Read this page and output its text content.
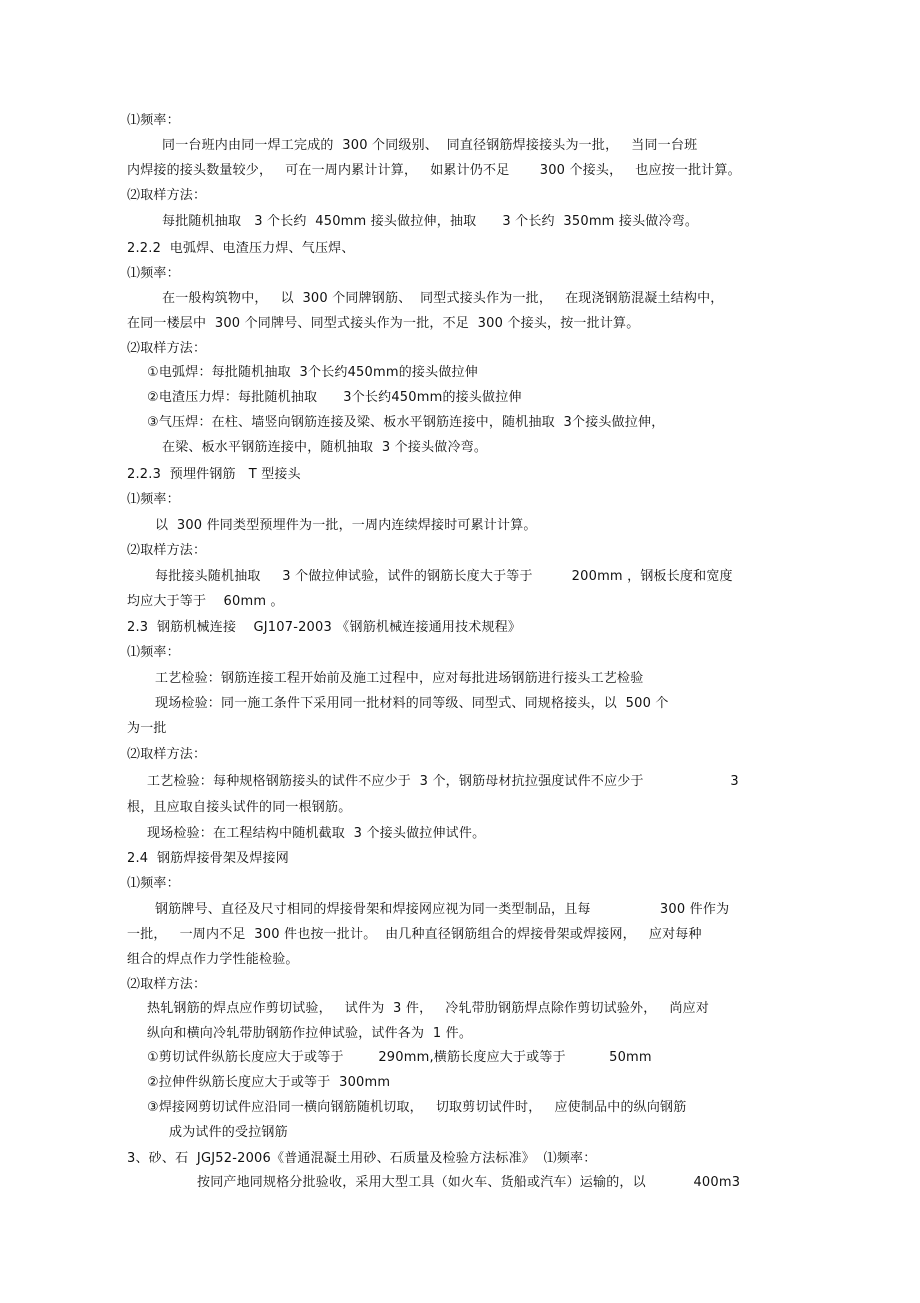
⑴频率：
同一台班内由同一焊工完成的  300 个同级别、  同直径钢筋焊接接头为一批，   当同一台班
内焊接的接头数量较少，   可在一周内累计计算，   如累计仍不足       300 个接头，   也应按一批计算。
⑵取样方法：
每批随机抽取   3 个长约  450mm 接头做拉伸，抽取      3 个长约  350mm 接头做冷弯。
2.2.2  电弧焊、电渣压力焊、气压焊、
⑴频率：
在一般构筑物中，   以  300 个同牌钢筋、  同型式接头作为一批，   在现浇钢筋混凝土结构中，
在同一楼层中  300 个同牌号、同型式接头作为一批，不足  300 个接头，按一批计算。
⑵取样方法：
①电弧焊：每批随机抽取  3个长约450mm的接头做拉伸
②电渣压力焊：每批随机抽取      3个长约450mm的接头做拉伸
③气压焊：在柱、墙竖向钢筋连接及梁、板水平钢筋连接中，随机抽取  3个接头做拉伸，
在梁、板水平钢筋连接中，随机抽取  3 个接头做冷弯。
2.2.3  预埋件钢筋   T 型接头
⑴频率：
以  300 件同类型预埋件为一批，一周内连续焊接时可累计计算。
⑵取样方法：
每批接头随机抽取     3 个做拉伸试验，试件的钢筋长度大于等于         200mm ，钢板长度和宽度
均应大于等于    60mm 。
2.3  钢筋机械连接    GJ107-2003 《钢筋机械连接通用技术规程》
⑴频率：
工艺检验：钢筋连接工程开始前及施工过程中，应对每批进场钢筋进行接头工艺检验
现场检验：同一施工条件下采用同一批材料的同等级、同型式、同规格接头，以  500 个
为一批
⑵取样方法：
工艺检验：每种规格钢筋接头的试件不应少于  3 个，钢筋母材抗拉强度试件不应少于                    3
根，且应取自接头试件的同一根钢筋。
现场检验：在工程结构中随机截取  3 个接头做拉伸试件。
2.4  钢筋焊接骨架及焊接网
⑴频率：
钢筋牌号、直径及尺寸相同的焊接骨架和焊接网应视为同一类型制品，且每                300 件作为
一批，   一周内不足  300 件也按一批计。  由几种直径钢筋组合的焊接骨架或焊接网，   应对每种
组合的焊点作力学性能检验。
⑵取样方法：
热轧钢筋的焊点应作剪切试验，   试件为  3 件，   冷轧带肋钢筋焊点除作剪切试验外，   尚应对
纵向和横向冷轧带肋钢筋作拉伸试验，试件各为  1 件。
①剪切试件纵筋长度应大于或等于        290mm,横筋长度应大于或等于          50mm
②拉伸件纵筋长度应大于或等于  300mm
③焊接网剪切试件应沿同一横向钢筋随机切取，   切取剪切试件时，   应使制品中的纵向钢筋
成为试件的受拉钢筋
3、砂、石  JGJ52-2006《普通混凝土用砂、石质量及检验方法标准》  ⑴频率：
按同产地同规格分批验收，采用大型工具（如火车、货船或汽车）运输的，以           400m3
